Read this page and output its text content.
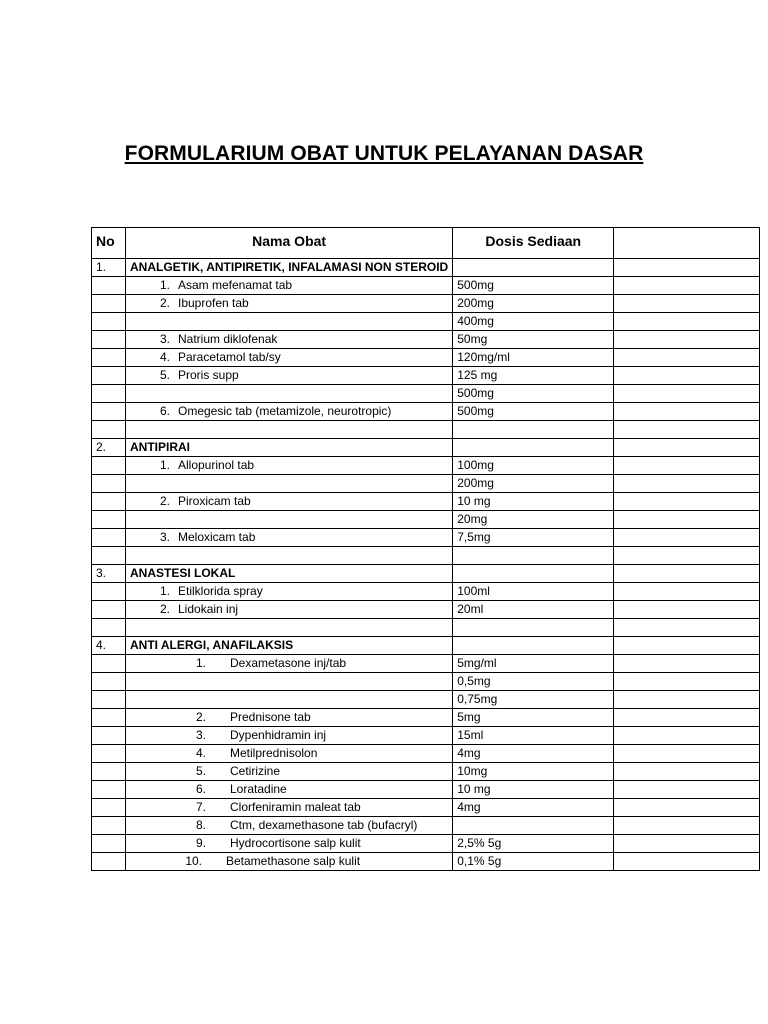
FORMULARIUM OBAT UNTUK PELAYANAN DASAR
No	Nama Obat	Dosis Sediaan	
1.	ANALGETIK, ANTIPIRETIK, INFALAMASI NON STEROID		
	1. Asam mefenamat tab	500mg	
	2. Ibuprofen tab	200mg	
		400mg	
	3. Natrium diklofenak	50mg	
	4. Paracetamol tab/sy	120mg/ml	
	5. Proris supp	125 mg	
		500mg	
	6. Omegesic tab (metamizole, neurotropic)	500mg	

2.	ANTIPIRAI		
	1. Allopurinol tab	100mg	
		200mg	
	2. Piroxicam tab	10 mg	
		20mg	
	3. Meloxicam tab	7,5mg	

3.	ANASTESI LOKAL		
	1. Etilklorida spray	100ml	
	2. Lidokain inj	20ml	

4.	ANTI ALERGI, ANAFILAKSIS		
	1. Dexametasone inj/tab	5mg/ml	
		0,5mg	
		0,75mg	
	2. Prednisone tab	5mg	
	3. Dypenhidramin inj	15ml	
	4. Metilprednisolon	4mg	
	5. Cetirizine	10mg	
	6. Loratadine	10 mg	
	7. Clorfeniramin maleat tab	4mg	
	8. Ctm, dexamethasone tab (bufacryl)		
	9. Hydrocortisone salp kulit	2,5% 5g	
	10. Betamethasone salp kulit	0,1% 5g	
